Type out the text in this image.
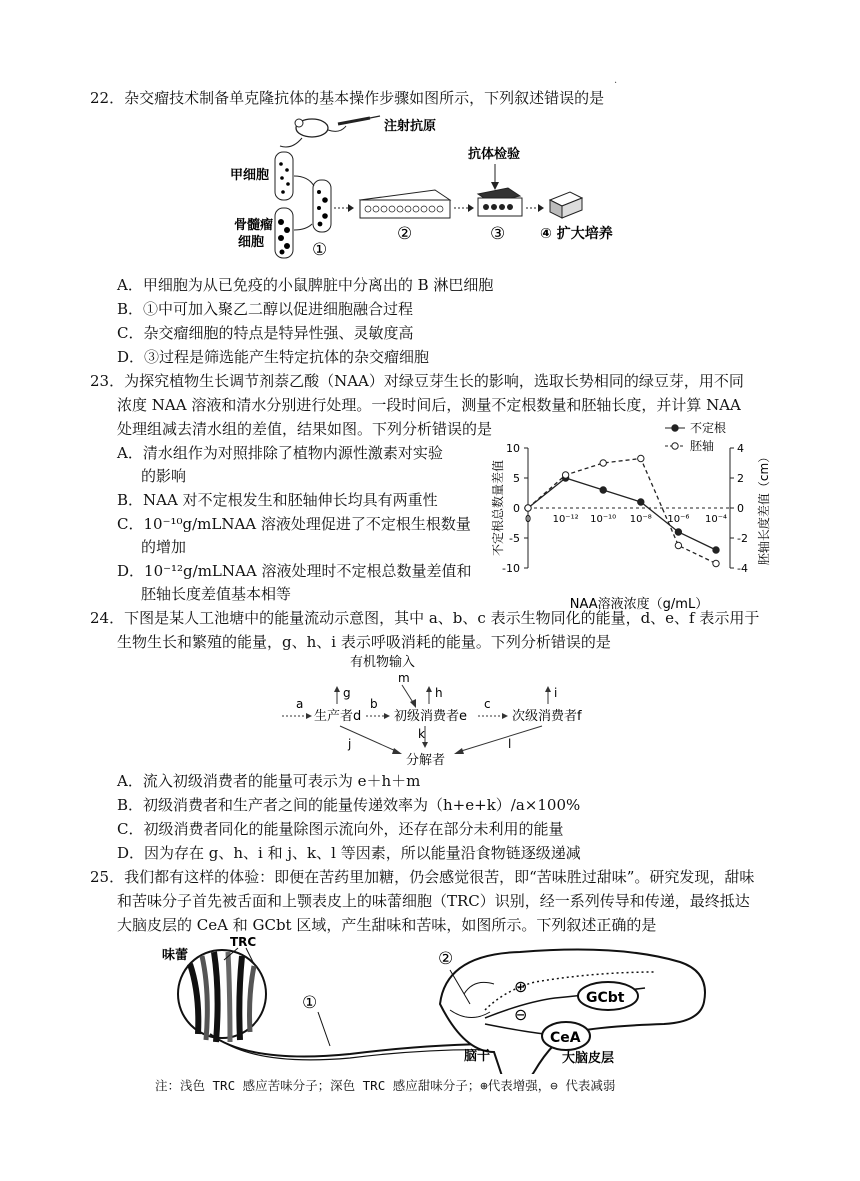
·
22．杂交瘤技术制备单克隆抗体的基本操作步骤如图所示，下列叙述错误的是
注射抗原
甲细胞
骨髓瘤
细胞	①
②
抗体检验
③ ④ 扩大培养
A．甲细胞为从已免疫的小鼠脾脏中分离出的 B 淋巴细胞
B．①中可加入聚乙二醇以促进细胞融合过程
C．杂交瘤细胞的特点是特异性强、灵敏度高
D．③过程是筛选能产生特定抗体的杂交瘤细胞
23．为探究植物生长调节剂萘乙酸（NAA）对绿豆芽生长的影响，选取长势相同的绿豆芽，用不同
浓度 NAA 溶液和清水分别进行处理。一段时间后，测量不定根数量和胚轴长度，并计算 NAA
处理组减去清水组的差值，结果如图。下列分析错误的是
A．清水组作为对照排除了植物内源性激素对实验
的影响
B．NAA 对不定根发生和胚轴伸长均具有两重性
C．10⁻¹⁰g/mLNAA 溶液处理促进了不定根生根数量
的增加
D．10⁻¹²g/mLNAA 溶液处理时不定根总数量差值和
胚轴长度差值基本相等
10
5
0
-5
-10
4
2
0
-2
-4
0 10⁻¹² 10⁻¹⁰ 10⁻⁸ 10⁻⁶ 10⁻⁴
不定根总数量差值	胚轴长度差值（cm）
NAA溶液浓度（g/mL）
不定根
胚轴
24．下图是某人工池塘中的能量流动示意图，其中 a、b、c 表示生物同化的能量，d、e、f 表示用于
生物生长和繁殖的能量，g、h、i 表示呼吸消耗的能量。下列分析错误的是
有机物输入
m
g	h	i
a
生产者d
b
初级消费者e
c
次级消费者f
j
k
l
分解者
A．流入初级消费者的能量可表示为 e＋h＋m
B．初级消费者和生产者之间的能量传递效率为（h+e+k）/a×100%
C．初级消费者同化的能量除图示流向外，还存在部分未利用的能量
D．因为存在 g、h、i 和 j、k、l 等因素，所以能量沿食物链逐级递减
25．我们都有这样的体验：即便在苦药里加糖，仍会感觉很苦，即“苦味胜过甜味”。研究发现，甜味
和苦味分子首先被舌面和上颚表皮上的味蕾细胞（TRC）识别，经一系列传导和传递，最终抵达
大脑皮层的 CeA 和 GCbt 区域，产生甜味和苦味，如图所示。下列叙述正确的是
味蕾
TRC
①
②
⊕
⊖
GCbt
CeA
脑干	大脑皮层
注：浅色 TRC 感应苦味分子；深色 TRC 感应甜味分子；⊕代表增强，⊖ 代表减弱
